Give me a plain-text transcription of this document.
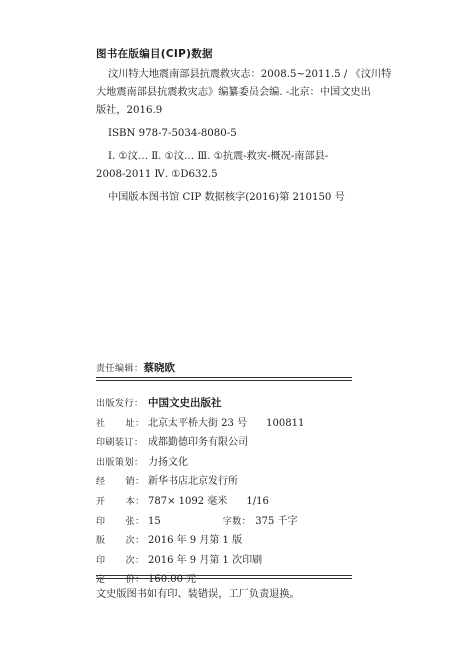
图书在版编目(CIP)数据
汶川特大地震南部县抗震救灾志：2008.5~2011.5 / 《汶川特
大地震南部县抗震救灾志》编纂委员会编. -北京：中国文史出
版社，2016.9
ISBN 978-7-5034-8080-5
Ⅰ. ①汶… Ⅱ. ①汶… Ⅲ. ①抗震-救灾-概况-南部县-
2008-2011 Ⅳ. ①D632.5
中国版本图书馆 CIP 数据核字(2016)第 210150 号
责任编辑：蔡晓欧
出版发行： 中国文史出版社
社      址： 北京太平桥大街 23 号      100811
印刷装订： 成都勤德印务有限公司
出版策划： 力扬文化
经      销： 新华书店北京发行所
开      本： 787× 1092 毫米      1/16
印      张： 15	字数： 375 千字
版      次： 2016 年 9 月第 1 版
印      次： 2016 年 9 月第 1 次印刷
定      价： 160.00 元
文史版图书如有印、装错误，工厂负责退换。
